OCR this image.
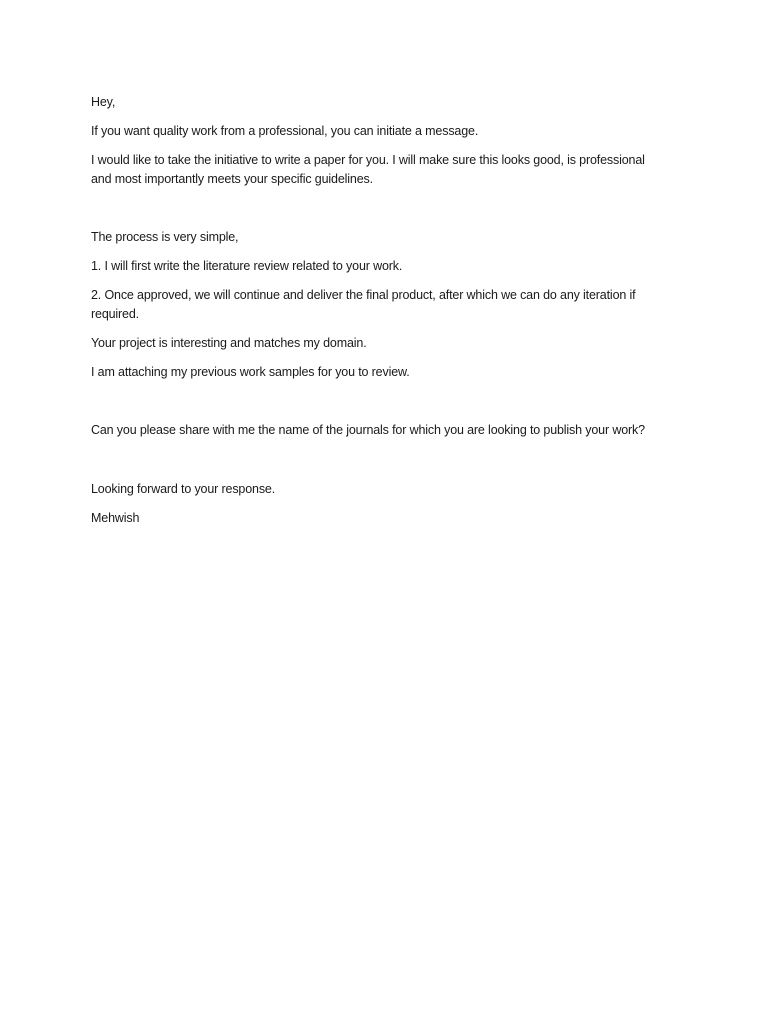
Hey,
If you want quality work from a professional, you can initiate a message.
I would like to take the initiative to write a paper for you. I will make sure this looks good, is professional
and most importantly meets your specific guidelines.
The process is very simple,
1. I will first write the literature review related to your work.
2. Once approved, we will continue and deliver the final product, after which we can do any iteration if
required.
Your project is interesting and matches my domain.
I am attaching my previous work samples for you to review.
Can you please share with me the name of the journals for which you are looking to publish your work?
Looking forward to your response.
Mehwish
